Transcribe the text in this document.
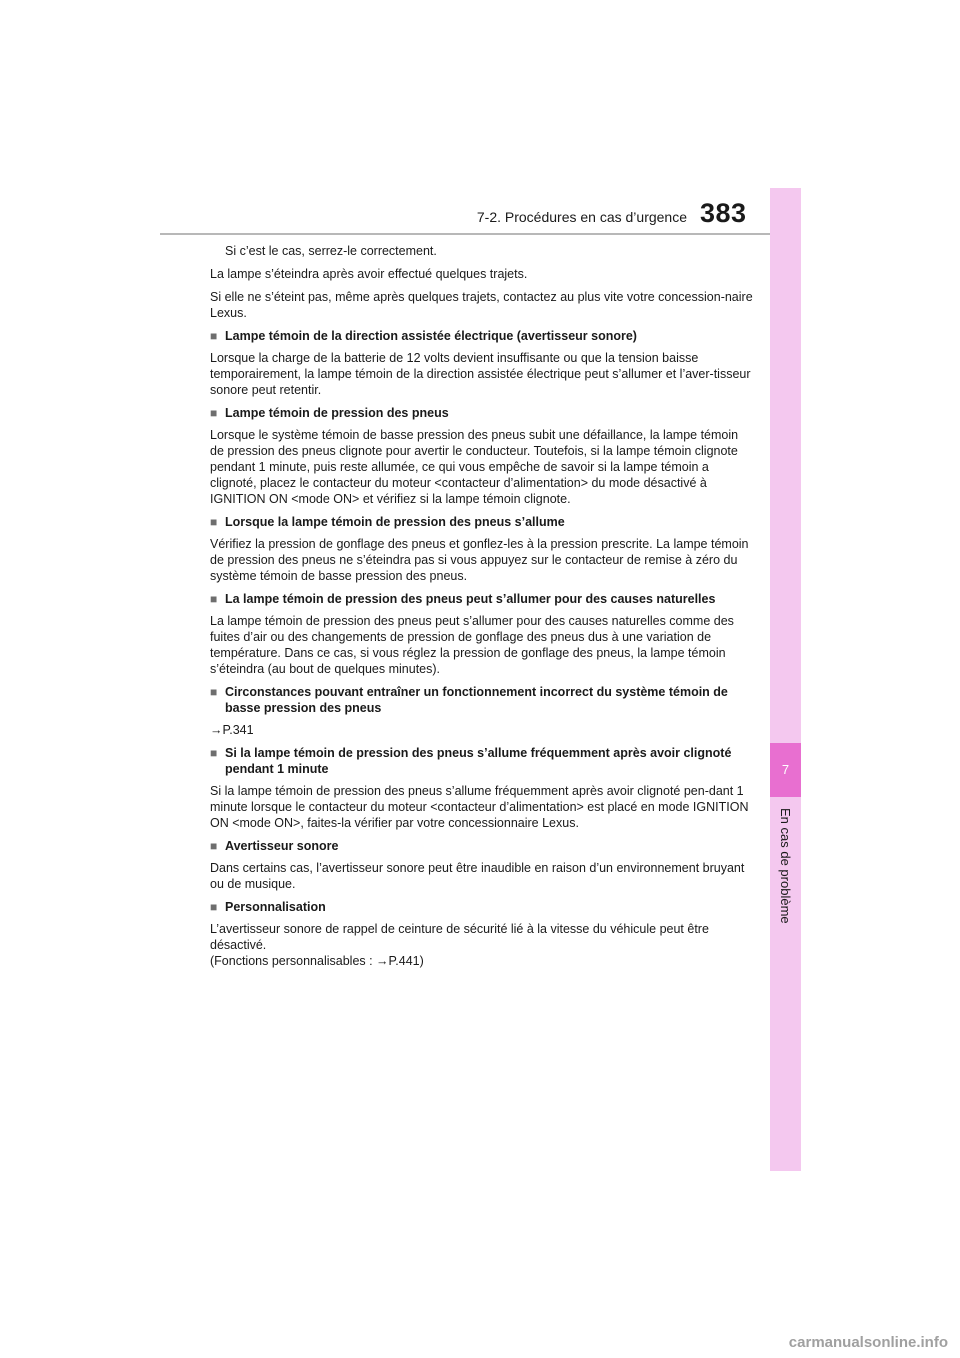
7-2. Procédures en cas d’urgence 383
7
En cas de problème

Si c’est le cas, serrez-le correctement.

La lampe s’éteindra après avoir effectué quelques trajets.

Si elle ne s’éteint pas, même après quelques trajets, contactez au plus vite votre concession-naire Lexus.

■ Lampe témoin de la direction assistée électrique (avertisseur sonore)

Lorsque la charge de la batterie de 12 volts devient insuffisante ou que la tension baisse temporairement, la lampe témoin de la direction assistée électrique peut s’allumer et l’aver-tisseur sonore peut retentir.

■ Lampe témoin de pression des pneus

Lorsque le système témoin de basse pression des pneus subit une défaillance, la lampe témoin de pression des pneus clignote pour avertir le conducteur. Toutefois, si la lampe témoin clignote pendant 1 minute, puis reste allumée, ce qui vous empêche de savoir si la lampe témoin a clignoté, placez le contacteur du moteur <contacteur d’alimentation> du mode désactivé à IGNITION ON <mode ON> et vérifiez si la lampe témoin clignote.

■ Lorsque la lampe témoin de pression des pneus s’allume

Vérifiez la pression de gonflage des pneus et gonflez-les à la pression prescrite. La lampe témoin de pression des pneus ne s’éteindra pas si vous appuyez sur le contacteur de remise à zéro du système témoin de basse pression des pneus.

■ La lampe témoin de pression des pneus peut s’allumer pour des causes naturelles

La lampe témoin de pression des pneus peut s’allumer pour des causes naturelles comme des fuites d’air ou des changements de pression de gonflage des pneus dus à une variation de température. Dans ce cas, si vous réglez la pression de gonflage des pneus, la lampe témoin s’éteindra (au bout de quelques minutes).

■ Circonstances pouvant entraîner un fonctionnement incorrect du système témoin de basse pression des pneus

→P.341

■ Si la lampe témoin de pression des pneus s’allume fréquemment après avoir clignoté pendant 1 minute

Si la lampe témoin de pression des pneus s’allume fréquemment après avoir clignoté pen-dant 1 minute lorsque le contacteur du moteur <contacteur d’alimentation> est placé en mode IGNITION ON <mode ON>, faites-la vérifier par votre concessionnaire Lexus.

■ Avertisseur sonore

Dans certains cas, l’avertisseur sonore peut être inaudible en raison d’un environnement bruyant ou de musique.

■ Personnalisation

L’avertisseur sonore de rappel de ceinture de sécurité lié à la vitesse du véhicule peut être désactivé.

(Fonctions personnalisables : →P.441)

carmanualsonline.info
